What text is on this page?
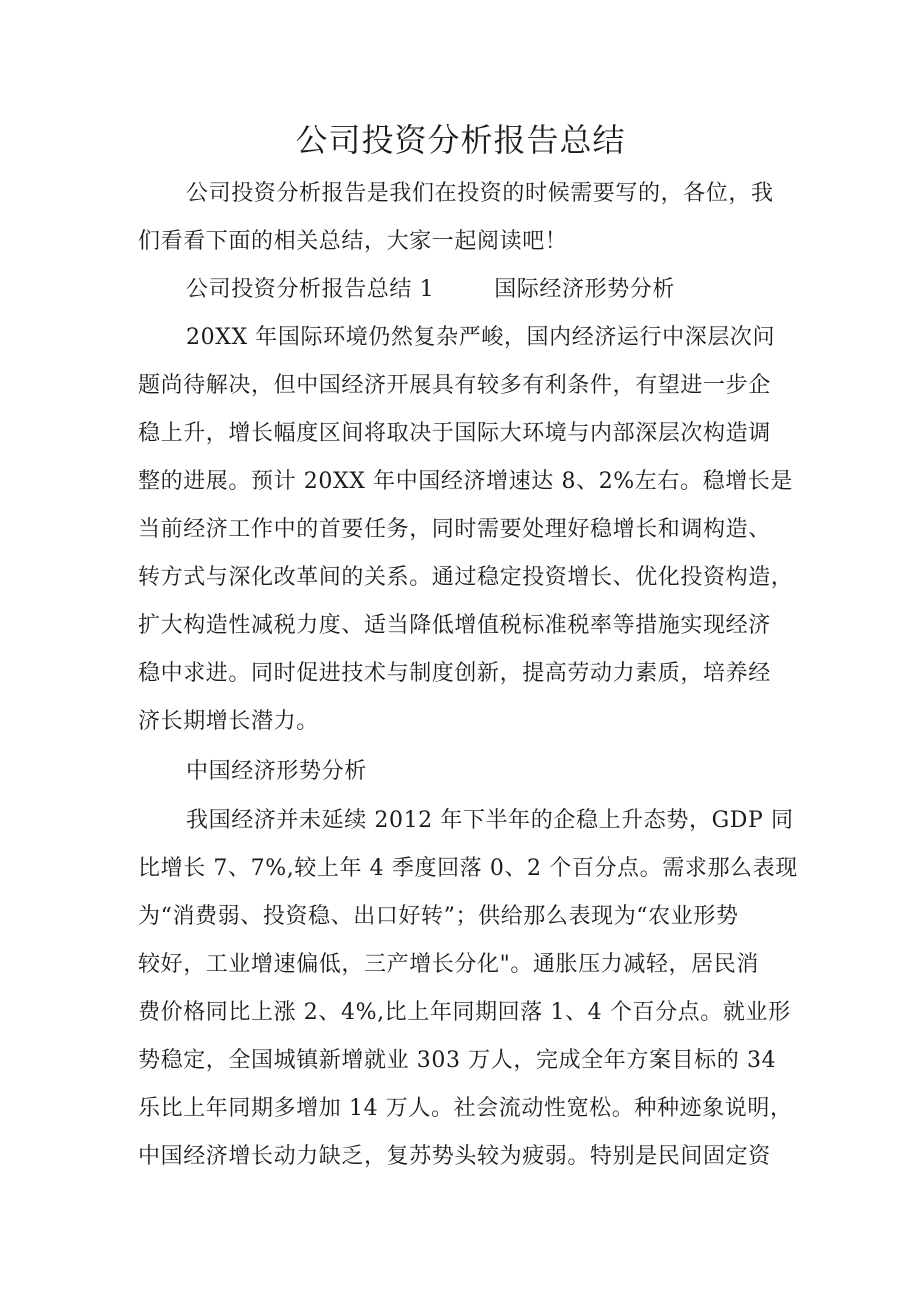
公司投资分析报告总结
公司投资分析报告是我们在投资的时候需要写的，各位，我
们看看下面的相关总结，大家一起阅读吧！
公司投资分析报告总结 1	国际经济形势分析
20XX 年国际环境仍然复杂严峻，国内经济运行中深层次问
题尚待解决，但中国经济开展具有较多有利条件，有望进一步企
稳上升，增长幅度区间将取决于国际大环境与内部深层次构造调
整的进展。预计 20XX 年中国经济增速达 8、2%左右。稳增长是
当前经济工作中的首要任务，同时需要处理好稳增长和调构造、
转方式与深化改革间的关系。通过稳定投资增长、优化投资构造，
扩大构造性减税力度、适当降低增值税标准税率等措施实现经济
稳中求进。同时促进技术与制度创新，提高劳动力素质，培养经
济长期增长潜力。
中国经济形势分析
我国经济并未延续 2012 年下半年的企稳上升态势，GDP 同
比增长 7、7%,较上年 4 季度回落 0、2 个百分点。需求那么表现
为“消费弱、投资稳、出口好转”；供给那么表现为“农业形势
较好，工业增速偏低，三产增长分化"。通胀压力减轻，居民消
费价格同比上涨 2、4%,比上年同期回落 1、4 个百分点。就业形
势稳定，全国城镇新增就业 303 万人，完成全年方案目标的 34
乐比上年同期多增加 14 万人。社会流动性宽松。种种迹象说明，
中国经济增长动力缺乏，复苏势头较为疲弱。特别是民间固定资
